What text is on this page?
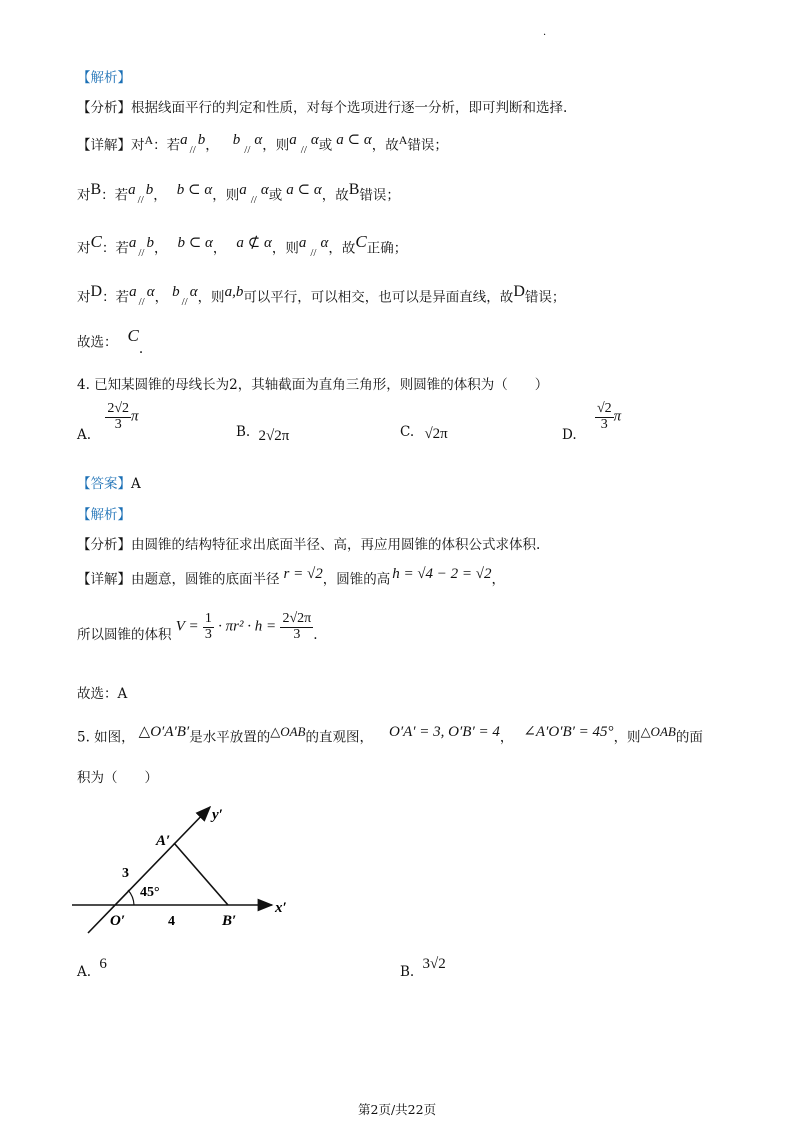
·
【解析】
【分析】根据线面平行的判定和性质，对每个选项进行逐一分析，即可判断和选择.
【详解】对$^A$：若$^a_{//}^b$， $^b_{//}^\alpha$，则$^a_{//}^\alpha$或 $^{a \subset \alpha}$，故$^A$错误；
对$^B$：若$^a_{//}^b$， $^{b \subset \alpha}$，则$^a_{//}^\alpha$或 $^{a \subset \alpha}$，故$^B$错误；
对$^C$：若$^a_{//}^b$， $^{b \subset \alpha}$， $^{a ⊄ \alpha}$，则$^a_{//}^\alpha$，故$^C$正确；
对$^D$：若$^a_{//}^\alpha$， $^b_{//}^\alpha$，则$^{a,b}$可以平行，可以相交，也可以是异面直线，故$^D$错误；
故选： $^C$.
4. 已知某圆锥的母线长为2，其轴截面为直角三角形，则圆锥的体积为（　　）
A.
$\frac{2√2}{3}$ π
B. 2√2π	C. √2π	D.
$\frac{√2}{3}$ π
【答案】A
【解析】
【分析】由圆锥的结构特征求出底面半径、高，再应用圆锥的体积公式求体积.
【详解】由题意，圆锥的底面半径 $^{r = √2}$，圆锥的高 $^{h = √4 - 2 = √2}$，
所以圆锥的体积 $V = \frac{1}{3} \cdot \pi r^2 \cdot h = \frac{2√2\pi}{3}$ .
故选：A
5. 如图， $^{\triangle O'A'B'}$是水平放置的$^{\triangle OAB}$的直观图， $^{O'A' = 3, O'B' = 4}$， $^{\angle A'O'B' = 45^\circ}$，则$^{\triangle OAB}$的面
积为（　　）
y′
x′
A′
B′
O′
3
4
45°
A. 6	B. 3√2
第2页/共22页
